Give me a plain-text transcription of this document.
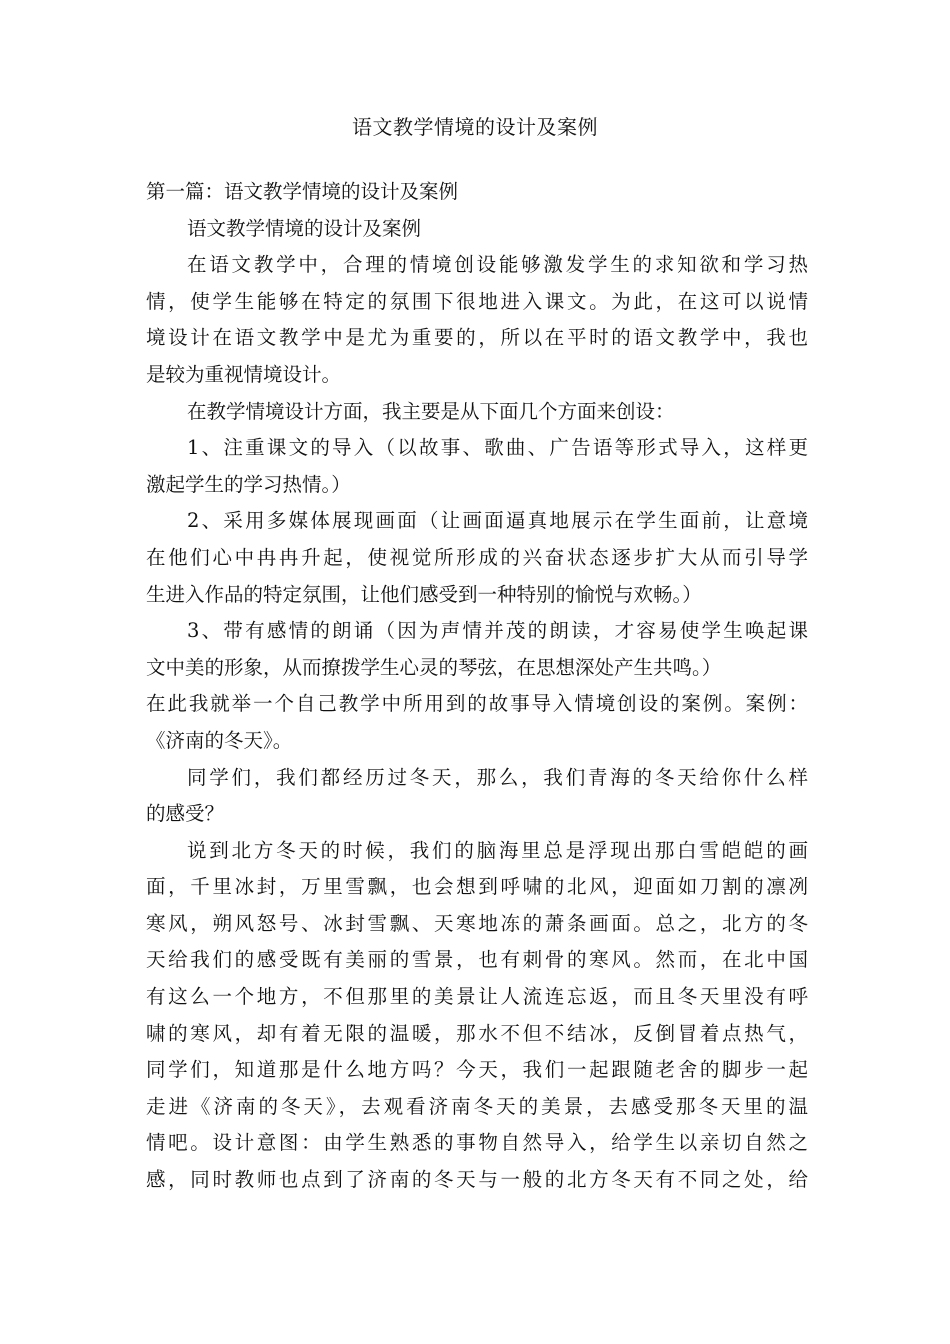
语文教学情境的设计及案例
第一篇：语文教学情境的设计及案例
语文教学情境的设计及案例
在语文教学中，合理的情境创设能够激发学生的求知欲和学习热
情，使学生能够在特定的氛围下很地进入课文。为此，在这可以说情
境设计在语文教学中是尤为重要的，所以在平时的语文教学中，我也
是较为重视情境设计。
在教学情境设计方面，我主要是从下面几个方面来创设：
1、注重课文的导入（以故事、歌曲、广告语等形式导入，这样更
激起学生的学习热情。）
2、采用多媒体展现画面（让画面逼真地展示在学生面前，让意境
在他们心中冉冉升起，使视觉所形成的兴奋状态逐步扩大从而引导学
生进入作品的特定氛围，让他们感受到一种特别的愉悦与欢畅。）
3、带有感情的朗诵（因为声情并茂的朗读，才容易使学生唤起课
文中美的形象，从而撩拨学生心灵的琴弦，在思想深处产生共鸣。）
在此我就举一个自己教学中所用到的故事导入情境创设的案例。案例：
《济南的冬天》。
同学们，我们都经历过冬天，那么，我们青海的冬天给你什么样
的感受？
说到北方冬天的时候，我们的脑海里总是浮现出那白雪皑皑的画
面，千里冰封，万里雪飘，也会想到呼啸的北风，迎面如刀割的凛冽
寒风，朔风怒号、冰封雪飘、天寒地冻的萧条画面。总之，北方的冬
天给我们的感受既有美丽的雪景，也有刺骨的寒风。然而，在北中国
有这么一个地方，不但那里的美景让人流连忘返，而且冬天里没有呼
啸的寒风，却有着无限的温暖，那水不但不结冰，反倒冒着点热气，
同学们，知道那是什么地方吗？今天，我们一起跟随老舍的脚步一起
走进《济南的冬天》，去观看济南冬天的美景，去感受那冬天里的温
情吧。设计意图：由学生熟悉的事物自然导入，给学生以亲切自然之
感，同时教师也点到了济南的冬天与一般的北方冬天有不同之处，给
